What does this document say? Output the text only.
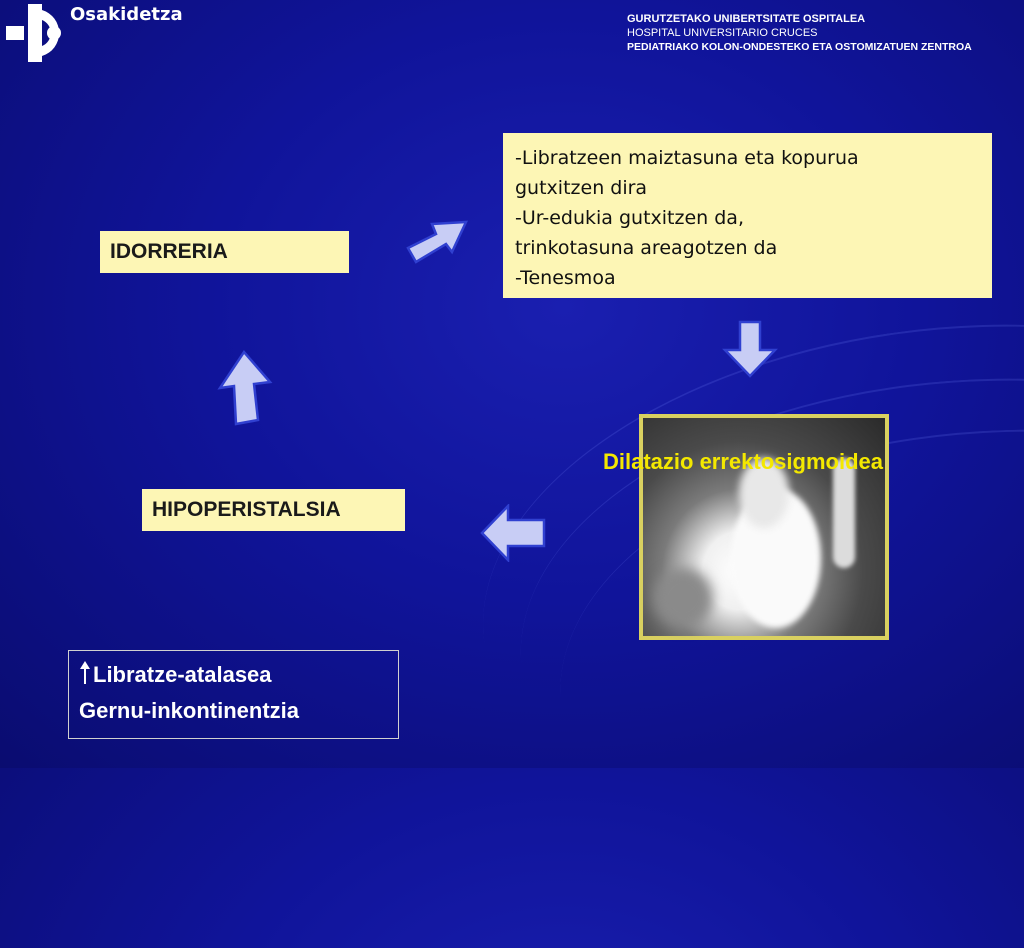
Osakidetza	GURUTZETAKO UNIBERTSITATE OSPITALEA
HOSPITAL UNIVERSITARIO CRUCES
PEDIATRIAKO KOLON-ONDESTEKO ETA OSTOMIZATUEN ZENTROA
IDORRERIA
-Libratzeen maiztasuna eta kopurua
gutxitzen dira
-Ur-edukia gutxitzen da,
trinkotasuna areagotzen da
-Tenesmoa
Dilatazio errektosigmoidea
HIPOPERISTALSIA
Libratze-atalasea
Gernu-inkontinentzia
